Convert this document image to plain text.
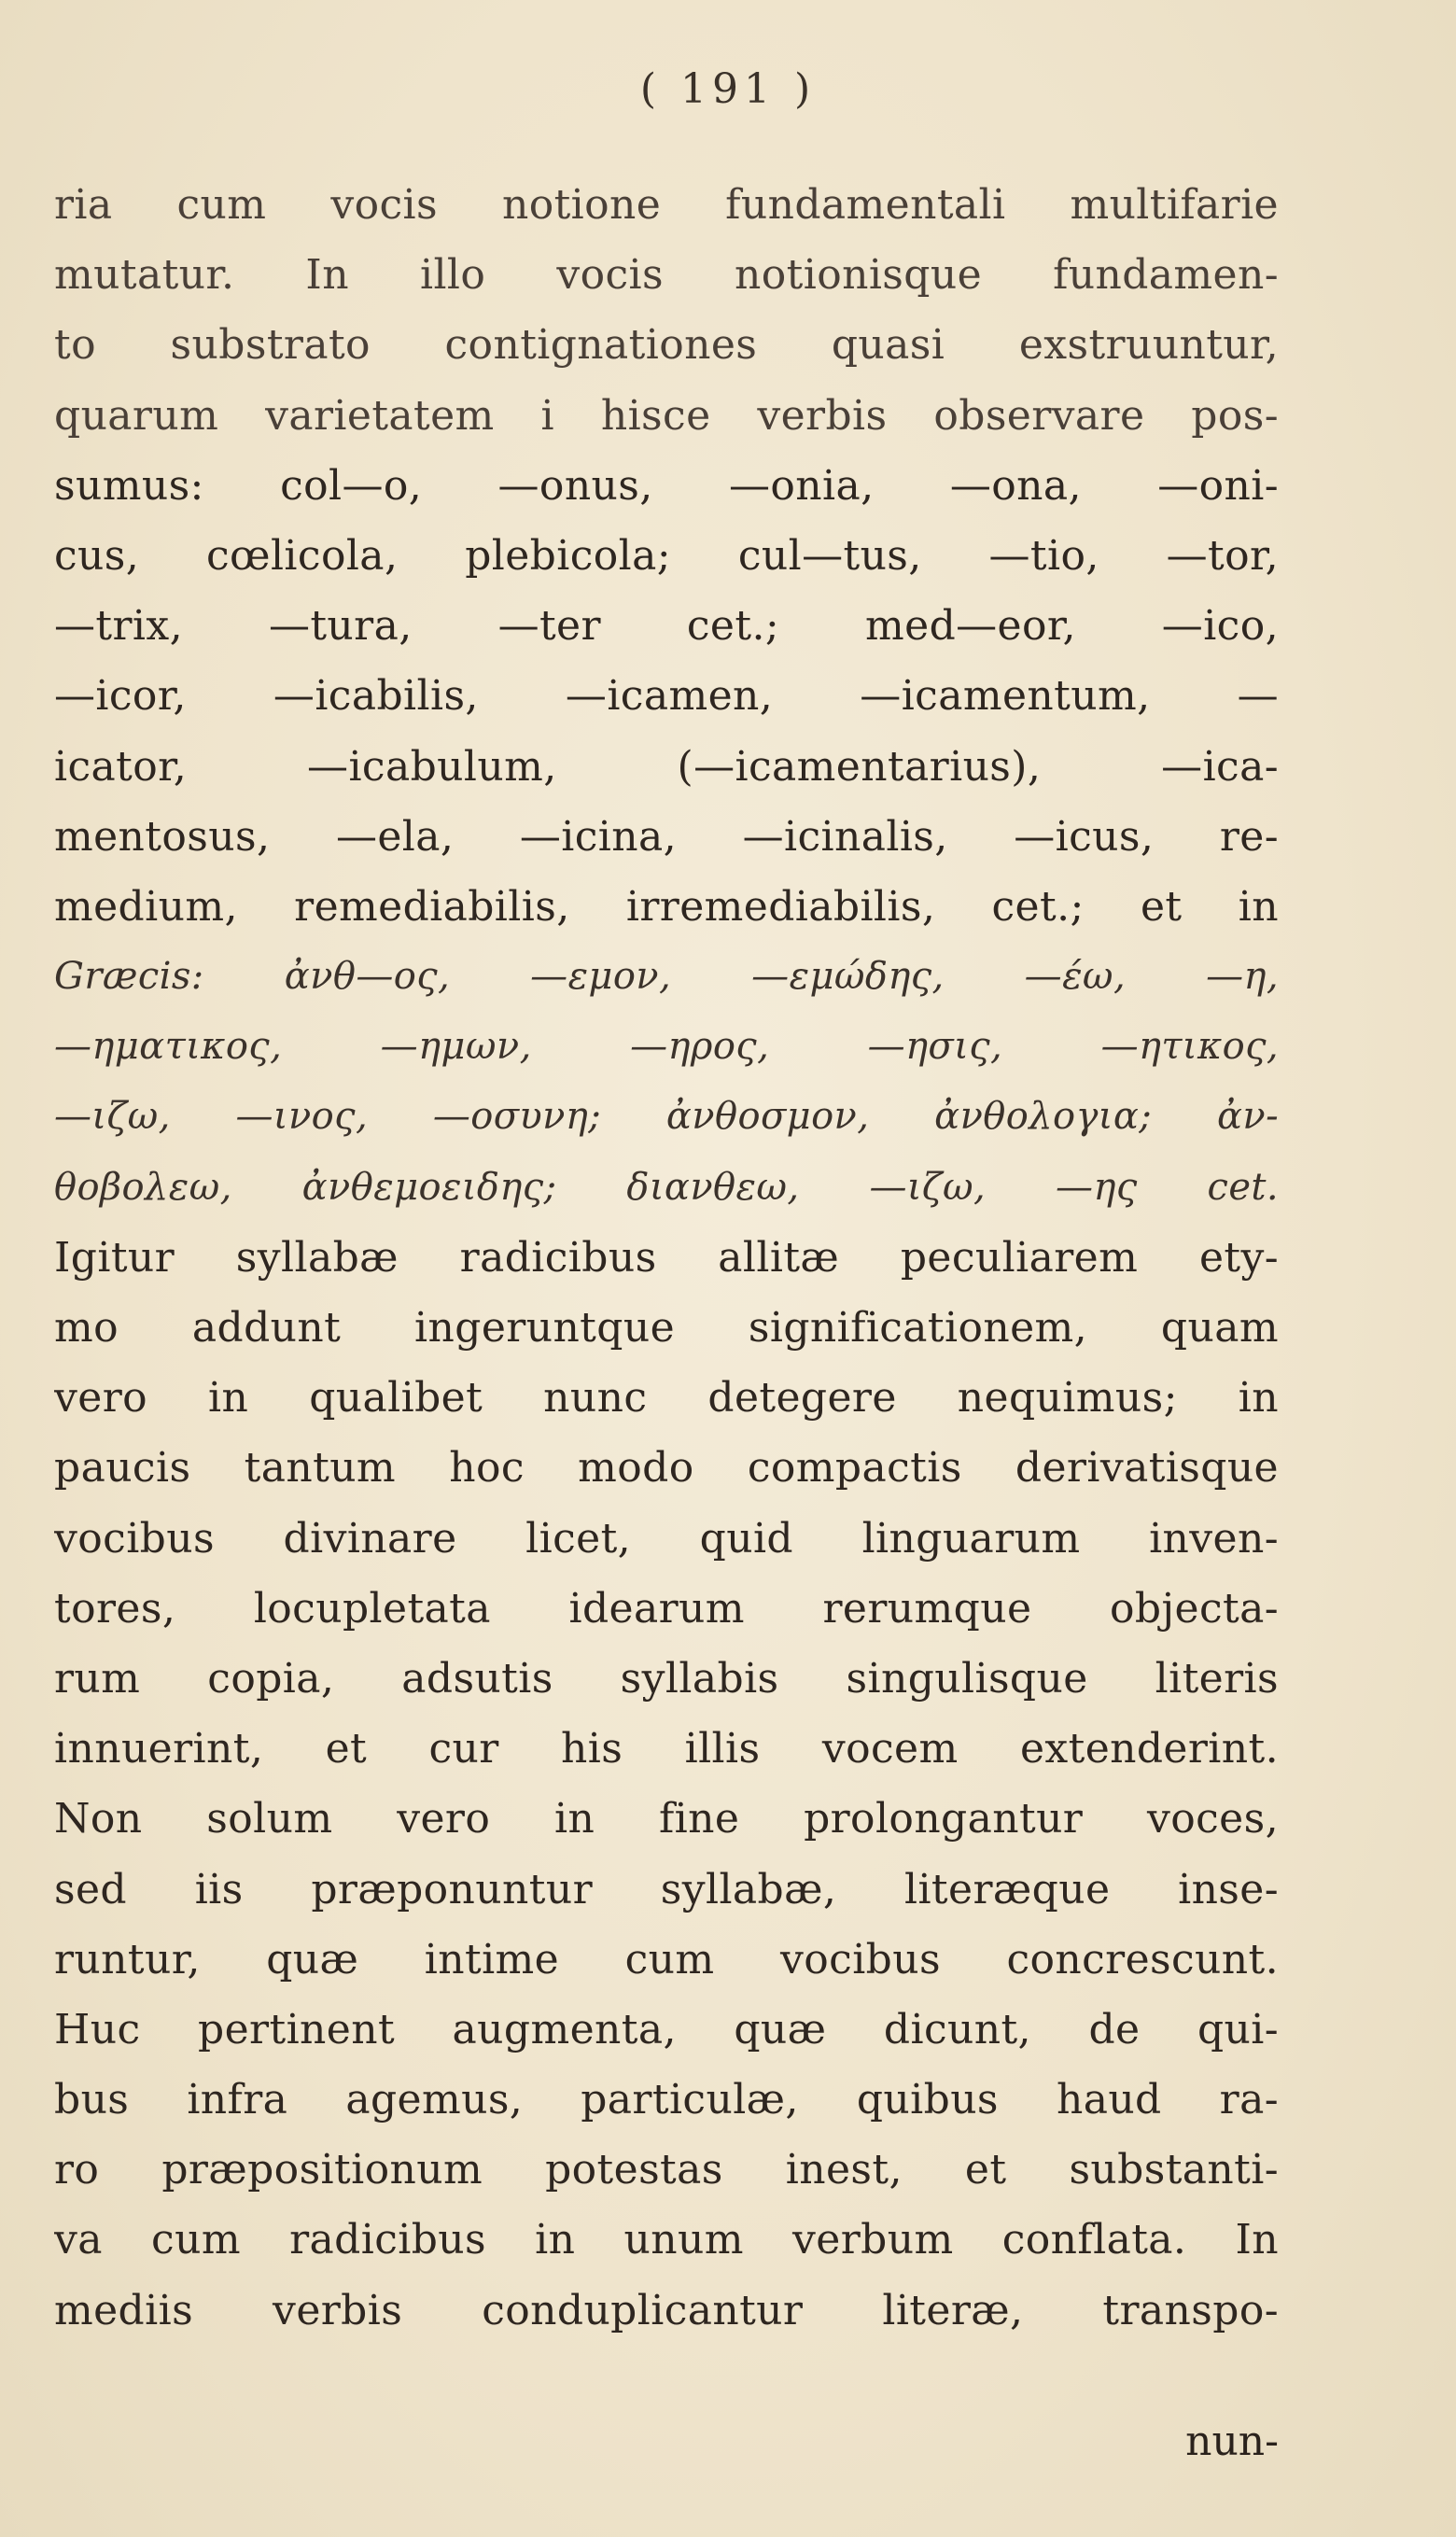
( 191 )
ria cum vocis notione fundamentali multifarie
mutatur. In illo vocis notionisque fundamen-
to substrato contignationes quasi exstruuntur,
quarum varietatem i hisce verbis observare pos-
sumus: col—o, —onus, —onia, —ona, —oni-
cus, cœlicola, plebicola; cul—tus, —tio, —tor,
—trix, —tura, —ter cet.; med—eor, —ico,
—icor, —icabilis, —icamen, —icamentum, —
icator, —icabulum, (—icamentarius), —ica-
mentosus, —ela, —icina, —icinalis, —icus, re-
medium, remediabilis, irremediabilis, cet.; et in
Græcis: ἀνθ—ος, —εμον, —εμώδης, —έω, —η,
—ηματικος, —ημων, —ηρος, —ησις, —ητικος,
—ιζω, —ινος, —οσυνη; ἀνθοσμον, ἀνθολογια; ἀν-
θοβολεω, ἀνθεμοειδης; διανθεω, —ιζω, —ης cet.
Igitur syllabæ radicibus allitæ peculiarem ety-
mo addunt ingeruntque significationem, quam
vero in qualibet nunc detegere nequimus; in
paucis tantum hoc modo compactis derivatisque
vocibus divinare licet, quid linguarum inven-
tores, locupletata idearum rerumque objecta-
rum copia, adsutis syllabis singulisque literis
innuerint, et cur his illis vocem extenderint.
Non solum vero in fine prolongantur voces,
sed iis præponuntur syllabæ, literæque inse-
runtur, quæ intime cum vocibus concrescunt.
Huc pertinent augmenta, quæ dicunt, de qui-
bus infra agemus, particulæ, quibus haud ra-
ro præpositionum potestas inest, et substanti-
va cum radicibus in unum verbum conflata. In
mediis verbis conduplicantur literæ, transpo-
nun-
